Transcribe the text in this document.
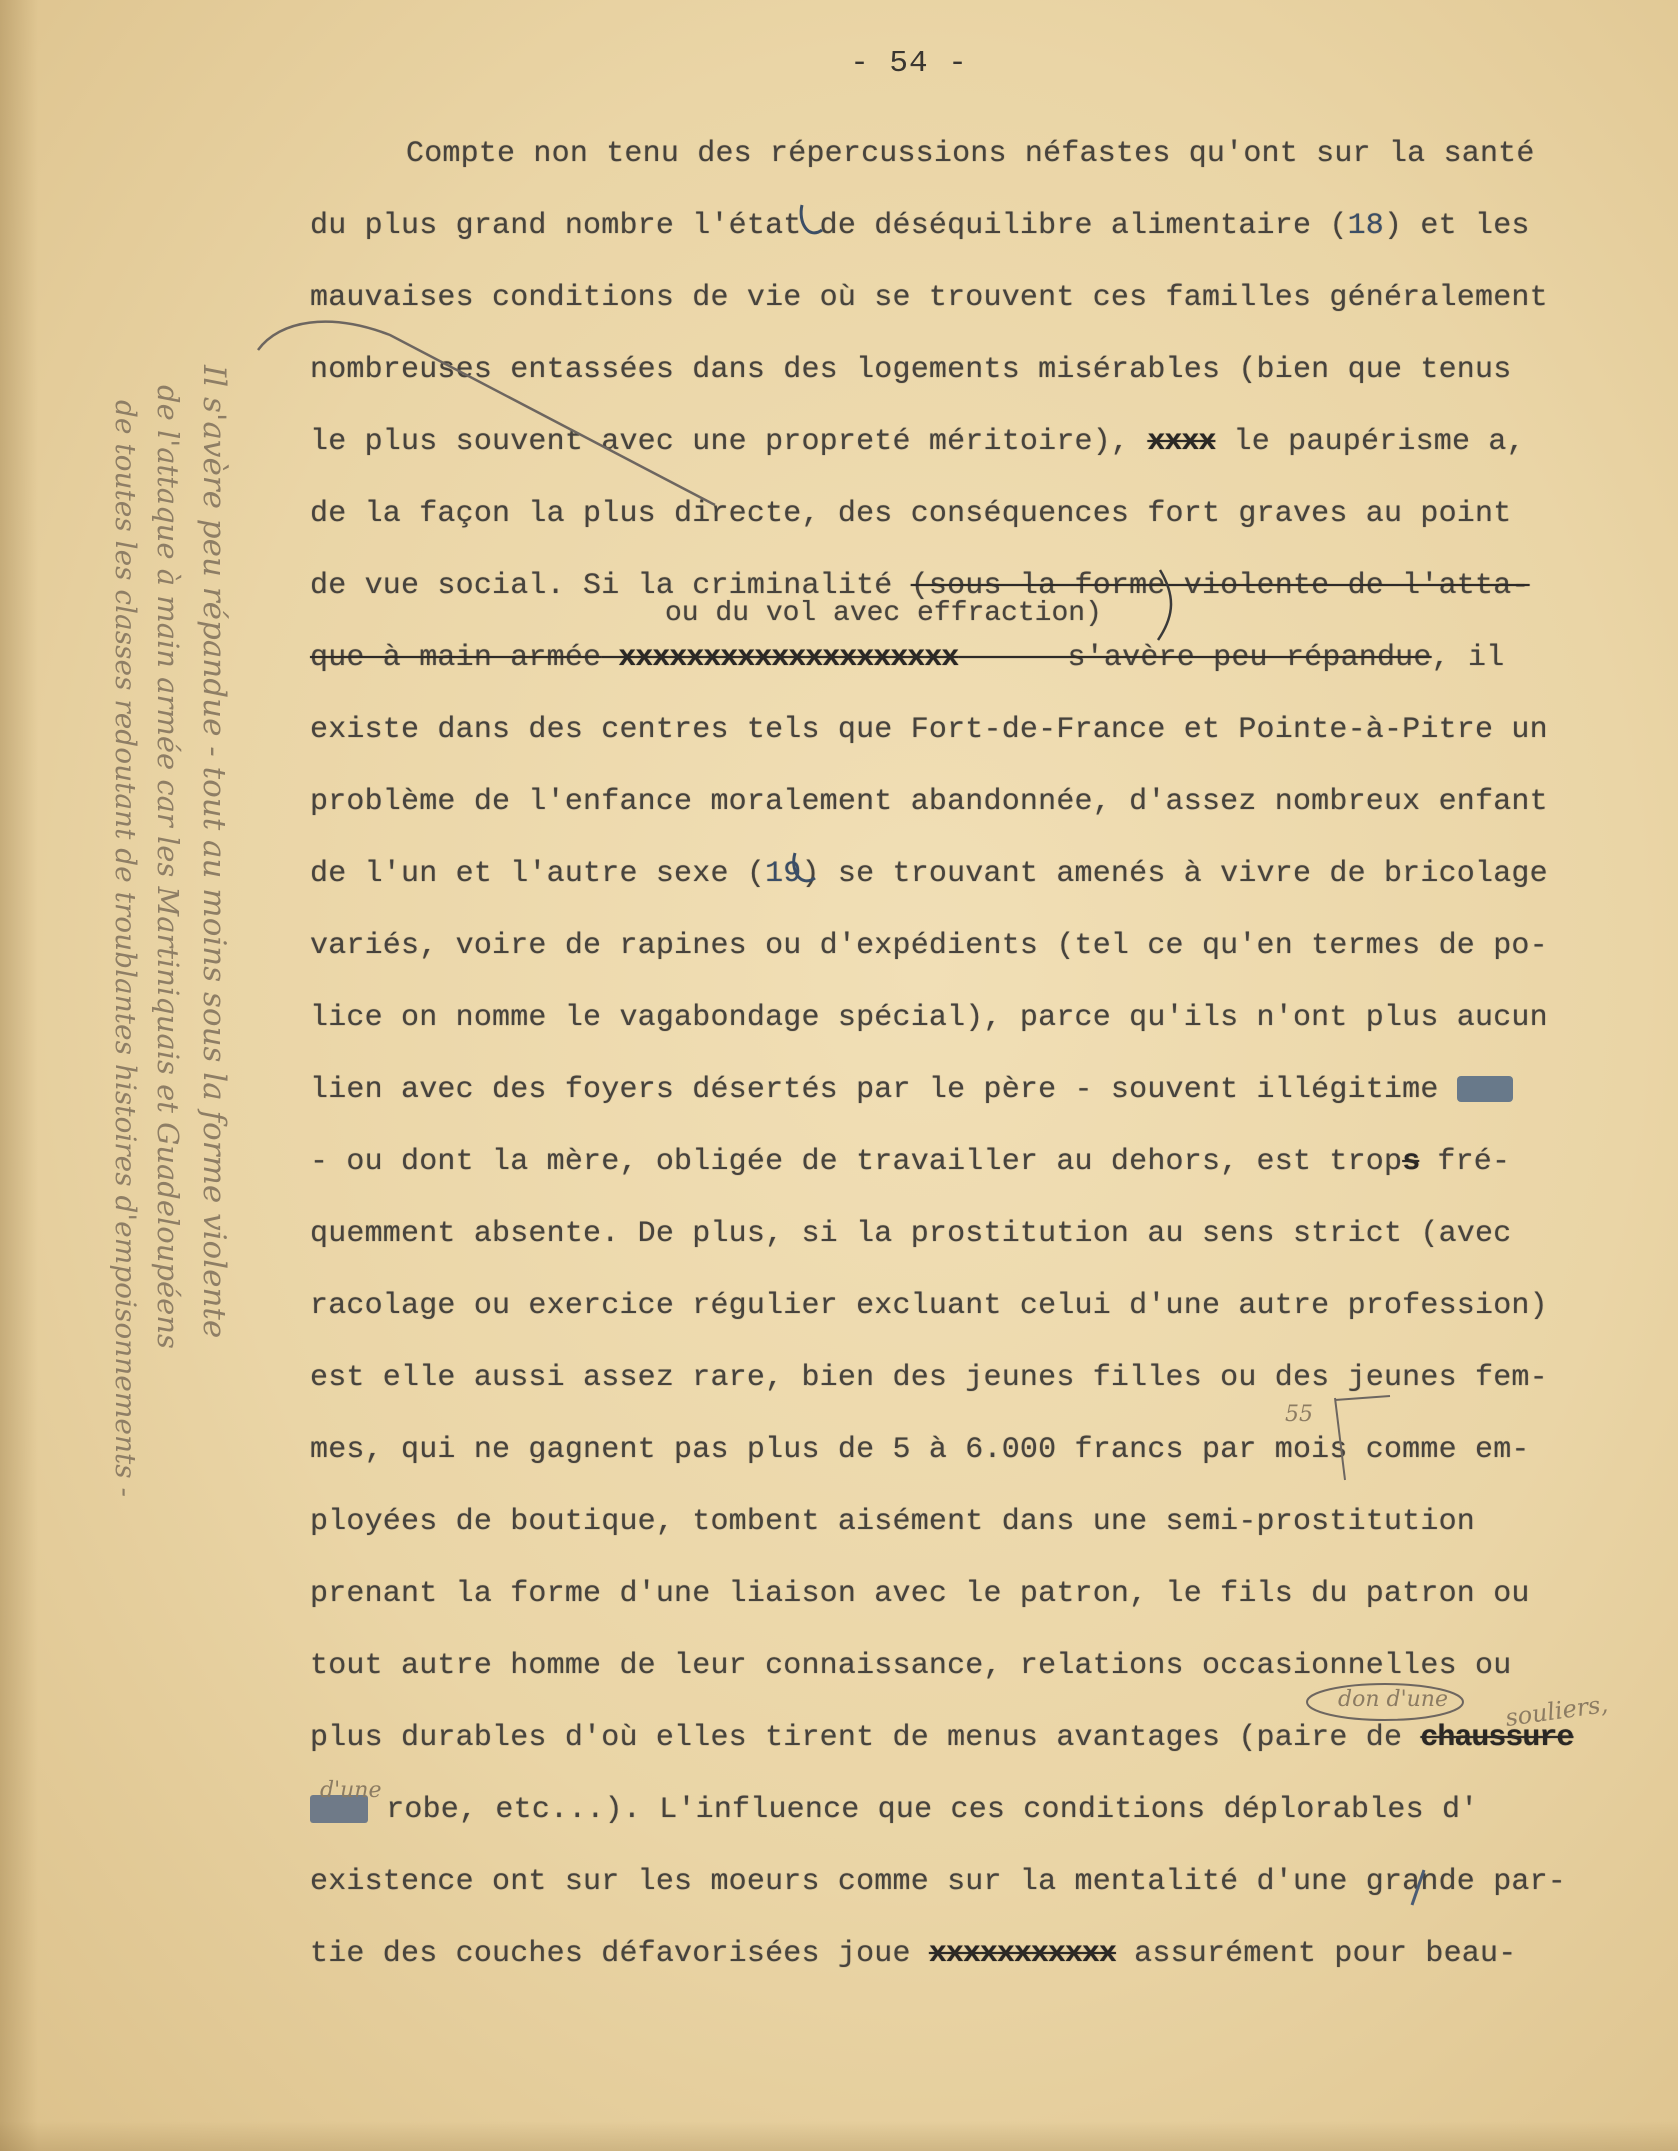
- 54 -
Compte non tenu des répercussions néfastes qu'ont sur la santé
du plus grand nombre l'état de déséquilibre alimentaire (18) et les
mauvaises conditions de vie où se trouvent ces familles généralement
nombreuses entassées dans des logements misérables (bien que tenus
le plus souvent avec une propreté méritoire), xxxx le paupérisme a,
de la façon la plus directe, des conséquences fort graves au point
de vue social. Si la criminalité (sous la forme violente de l'atta-
que à main armée xxxxxxxxxxxxxxxxxxxx      s'avère peu répandue, il
existe dans des centres tels que Fort-de-France et Pointe-à-Pitre un
problème de l'enfance moralement abandonnée, d'assez nombreux enfant
de l'un et l'autre sexe (19) se trouvant amenés à vivre de bricolage
variés, voire de rapines ou d'expédients (tel ce qu'en termes de po-
lice on nomme le vagabondage spécial), parce qu'ils n'ont plus aucun
lien avec des foyers désertés par le père - souvent illégitime
- ou dont la mère, obligée de travailler au dehors, est trops fré-
quemment absente. De plus, si la prostitution au sens strict (avec
racolage ou exercice régulier excluant celui d'une autre profession)
est elle aussi assez rare, bien des jeunes filles ou des jeunes fem-
mes, qui ne gagnent pas plus de 5 à 6.000 francs par mois comme em-
ployées de boutique, tombent aisément dans une semi-prostitution
prenant la forme d'une liaison avec le patron, le fils du patron ou
tout autre homme de leur connaissance, relations occasionnelles ou
plus durables d'où elles tirent de menus avantages (paire de chaussure
robe, etc...). L'influence que ces conditions déplorables d'
existence ont sur les moeurs comme sur la mentalité d'une grande par-
tie des couches défavorisées joue xxxxxxxxxxx assurément pour beau-
ou du vol avec effraction)
55
don d'une souliers,
d'une
Il s'avère peu répandue - tout au moins sous la forme violente
de l'attaque à main armée car les Martiniquais et Guadeloupéens
de toutes les classes redoutant de troublantes histoires d'empoisonnements -
